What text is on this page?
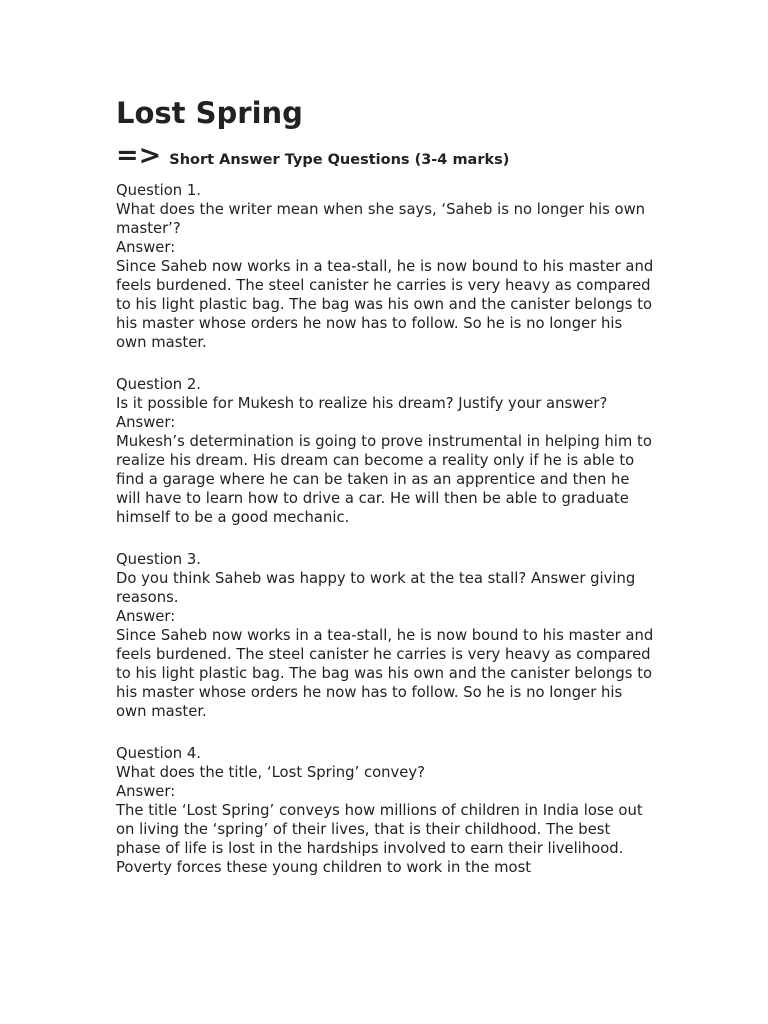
Lost Spring
=> Short Answer Type Questions (3-4 marks)
Question 1.
What does the writer mean when she says, ‘Saheb is no longer his own master’?
Answer:
Since Saheb now works in a tea-stall, he is now bound to his master and feels burdened. The steel canister he carries is very heavy as compared to his light plastic bag. The bag was his own and the canister belongs to his master whose orders he now has to follow. So he is no longer his own master.
Question 2.
Is it possible for Mukesh to realize his dream? Justify your answer?
Answer:
Mukesh’s determination is going to prove instrumental in helping him to realize his dream. His dream can become a reality only if he is able to find a garage where he can be taken in as an apprentice and then he will have to learn how to drive a car. He will then be able to graduate himself to be a good mechanic.
Question 3.
Do you think Saheb was happy to work at the tea stall? Answer giving reasons.
Answer:
Since Saheb now works in a tea-stall, he is now bound to his master and feels burdened. The steel canister he carries is very heavy as compared to his light plastic bag. The bag was his own and the canister belongs to his master whose orders he now has to follow. So he is no longer his own master.
Question 4.
What does the title, ‘Lost Spring’ convey?
Answer:
The title ‘Lost Spring’ conveys how millions of children in India lose out on living the ‘spring’ of their lives, that is their childhood. The best phase of life is lost in the hardships involved to earn their livelihood. Poverty forces these young children to work in the most
